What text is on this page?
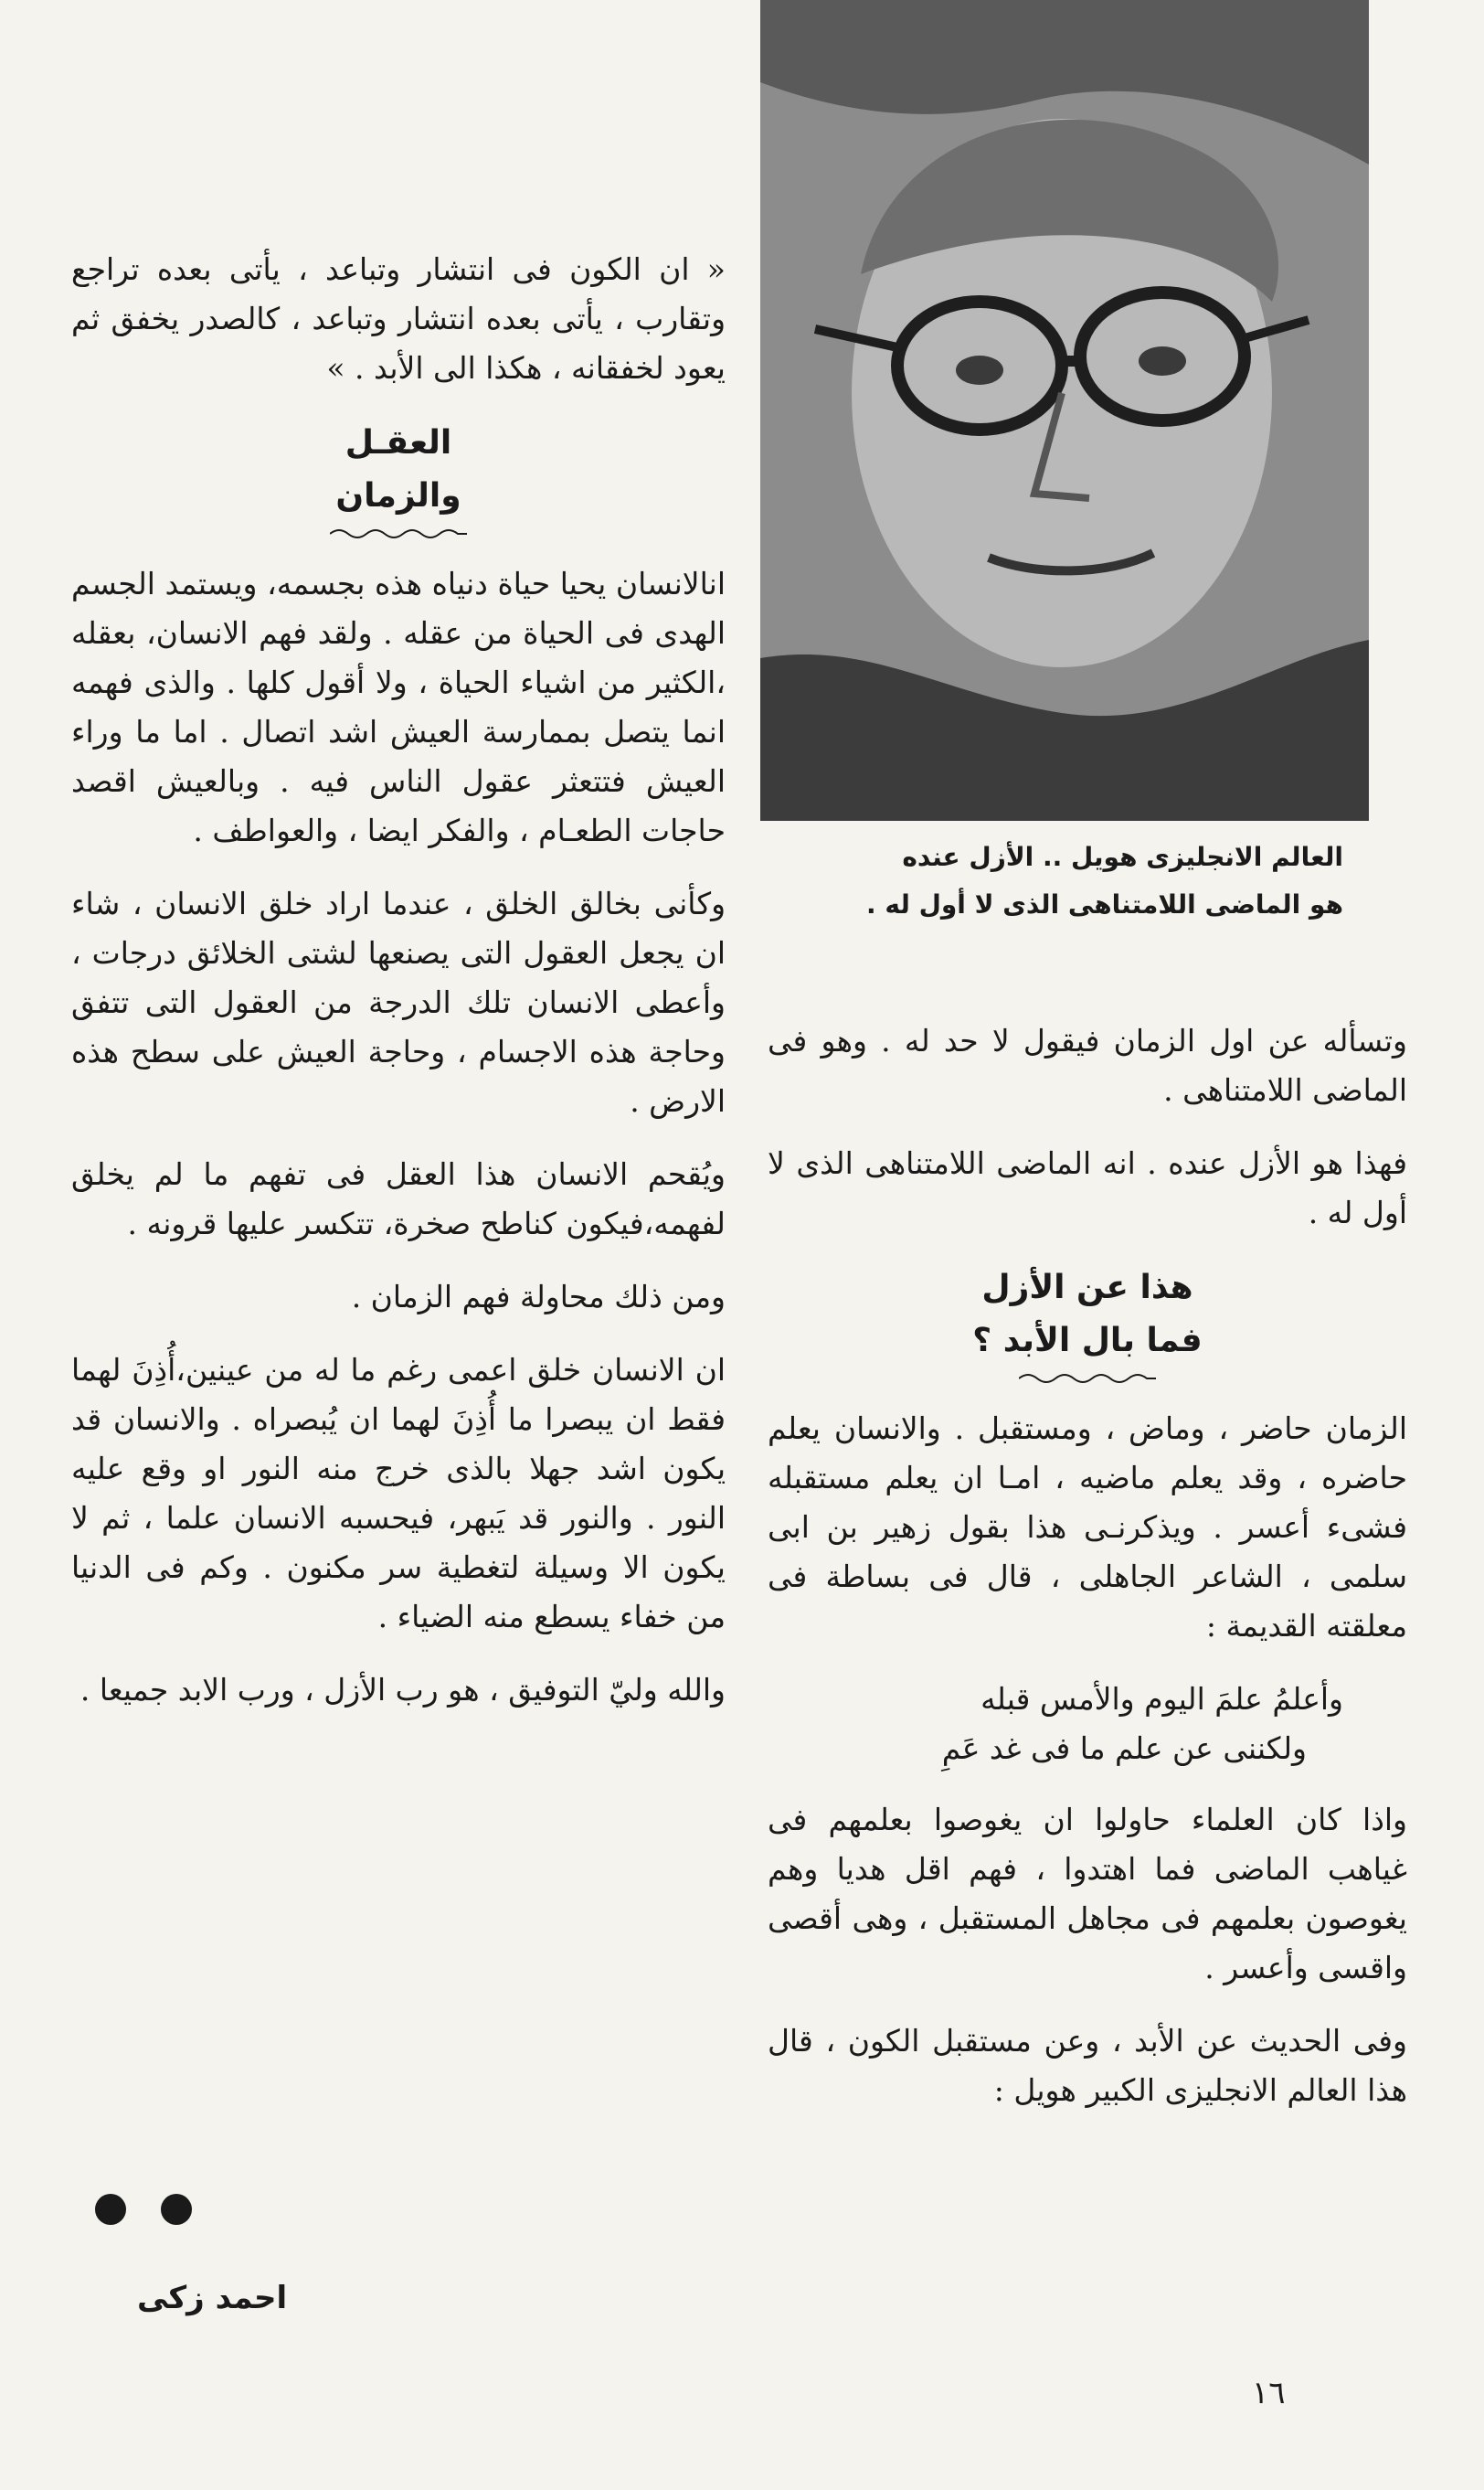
العالم الانجليزى هويل .. الأزل عنده
هو الماضى اللامتناهى الذى لا أول له .

« ان الكون فى انتشار وتباعد ، يأتى بعده تراجع وتقارب ، يأتى بعده انتشار وتباعد ، كالصدر يخفق ثم يعود لخفقانه ، هكذا الى الأبد . »

العقـل
والزمان

انالانسان يحيا حياة دنياه هذه بجسمه، ويستمد الجسم الهدى فى الحياة من عقله . ولقد فهم الانسان، بعقله ،الكثير من اشياء الحياة ، ولا أقول كلها . والذى فهمه انما يتصل بممارسة العيش اشد اتصال . اما ما وراء العيش فتتعثر عقول الناس فيه . وبالعيش اقصد حاجات الطعـام ، والفكر ايضا ، والعواطف .

وكأنى بخالق الخلق ، عندما اراد خلق الانسان ، شاء ان يجعل العقول التى يصنعها لشتى الخلائق درجات ، وأعطى الانسان تلك الدرجة من العقول التى تتفق وحاجة هذه الاجسام ، وحاجة العيش على سطح هذه الارض .

ويُقحم الانسان هذا العقل فى تفهم ما لم يخلق لفهمه،فيكون كناطح صخرة، تتكسر عليها قرونه .

ومن ذلك محاولة فهم الزمان .

ان الانسان خلق اعمى رغم ما له من عينين،أُذِنَ لهما فقط ان يبصرا ما أُذِنَ لهما ان يُبصراه . والانسان قد يكون اشد جهلا بالذى خرج منه النور او وقع عليه النور . والنور قد يَبهر، فيحسبه الانسان علما ، ثم لا يكون الا وسيلة لتغطية سر مكنون . وكم فى الدنيا من خفاء يسطع منه الضياء .

والله وليّ التوفيق ، هو رب الأزل ، ورب الابد جميعا .

احمد زكى

وتسأله عن اول الزمان فيقول لا حد له . وهو فى الماضى اللامتناهى .

فهذا هو الأزل عنده . انه الماضى اللامتناهى الذى لا أول له .

هذا عن الأزل
فما بال الأبد ؟

الزمان حاضر ، وماض ، ومستقبل . والانسان يعلم حاضره ، وقد يعلم ماضيه ، امـا ان يعلم مستقبله فشىء أعسر . ويذكرنـى هذا بقول زهير بن ابى سلمى ، الشاعر الجاهلى ، قال فى بساطة فى معلقته القديمة :

وأعلمُ علمَ اليوم والأمس قبله
ولكننى عن علم ما فى غد عَمِ

واذا كان العلماء حاولوا ان يغوصوا بعلمهم فى غياهب الماضى فما اهتدوا ، فهم اقل هديا وهم يغوصون بعلمهم فى مجاهل المستقبل ، وهى أقصى واقسى وأعسر .

وفى الحديث عن الأبد ، وعن مستقبل الكون ، قال هذا العالم الانجليزى الكبير هويل :

١٦
